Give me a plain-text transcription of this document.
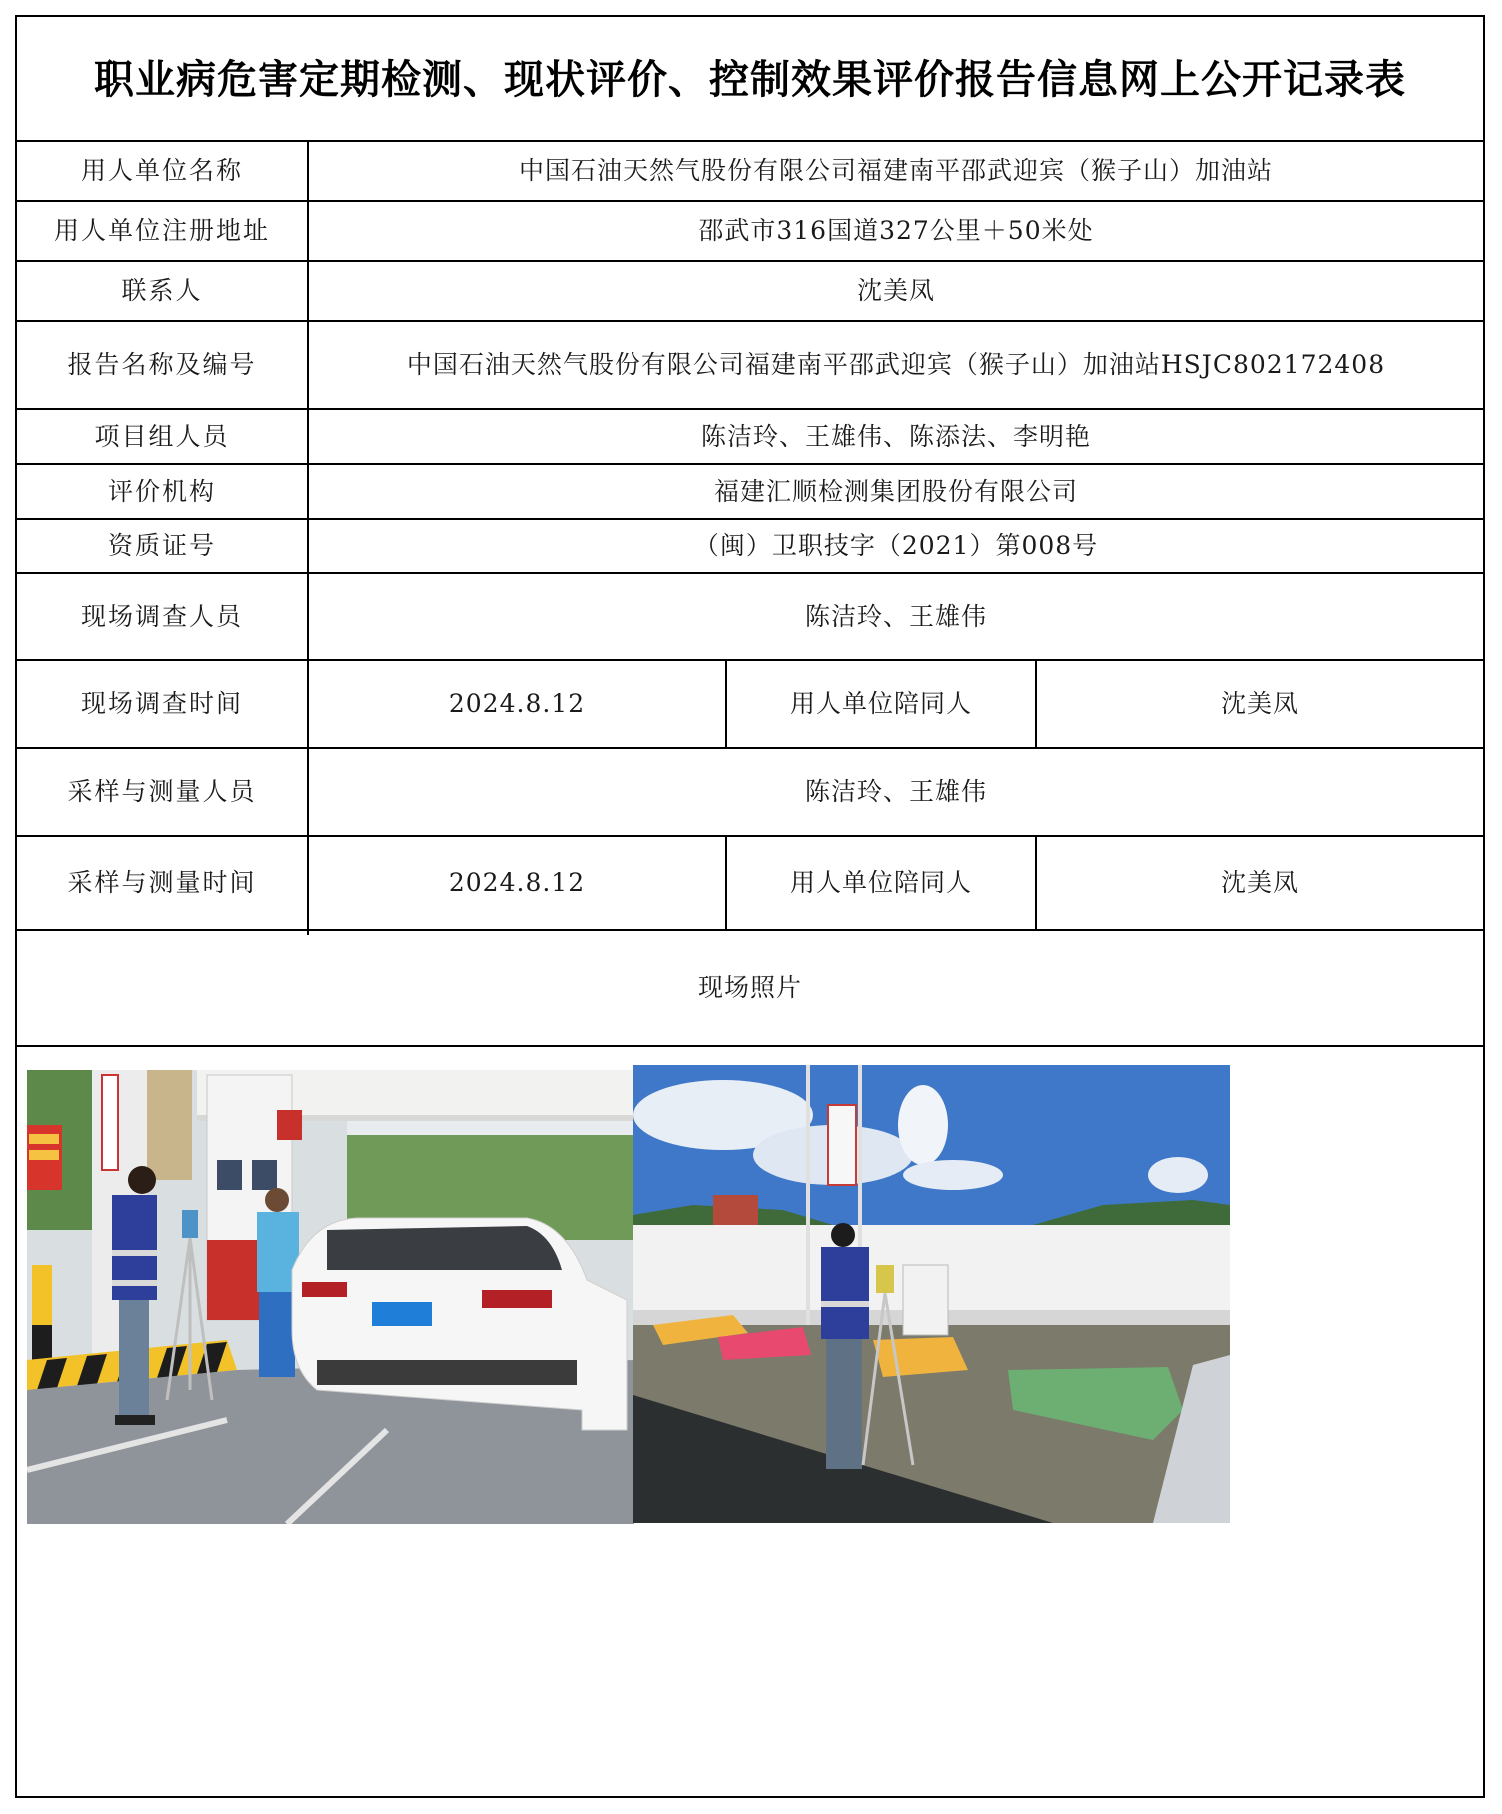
职业病危害定期检测、现状评价、控制效果评价报告信息网上公开记录表
用人单位名称	中国石油天然气股份有限公司福建南平邵武迎宾（猴子山）加油站
用人单位注册地址	邵武市316国道327公里＋50米处
联系人	沈美凤
报告名称及编号	中国石油天然气股份有限公司福建南平邵武迎宾（猴子山）加油站HSJC802172408
项目组人员	陈洁玲、王雄伟、陈添法、李明艳
评价机构	福建汇顺检测集团股份有限公司
资质证号	（闽）卫职技字（2021）第008号
现场调查人员	陈洁玲、王雄伟
现场调查时间	2024.8.12	用人单位陪同人	沈美凤
采样与测量人员	陈洁玲、王雄伟
采样与测量时间	2024.8.12	用人单位陪同人	沈美凤
现场照片
